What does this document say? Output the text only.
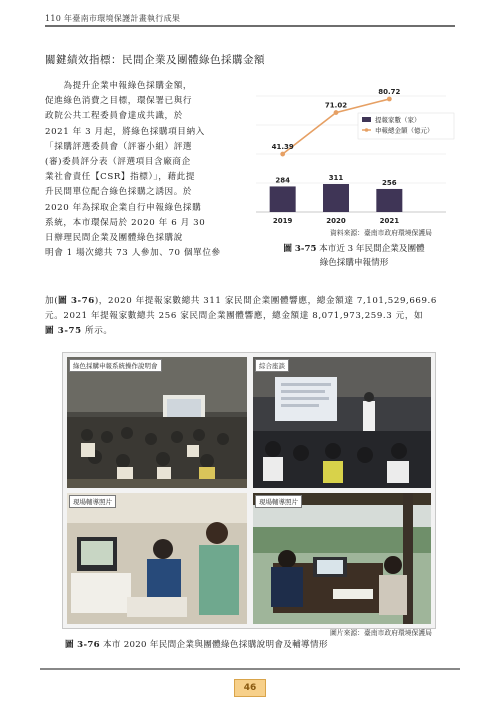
110 年臺南市環境保護計畫執行成果
關鍵績效指標：民間企業及團體綠色採購金額
　　為提升企業申報綠色採購金額，
促進綠色消費之目標，環保署已與行
政院公共工程委員會達成共識，於
2021 年 3 月起，將綠色採購項目納入
「採購評選委員會（評審小組）評選
(審)委員評分表（評選項目含廠商企
業社會責任【CSR】指標）」，藉此提
升民間單位配合綠色採購之誘因。於
2020 年為採取企業自行申報綠色採購
系統，本市環保局於 2020 年 6 月 30
日辦理民間企業及團體綠色採購說
明會 1 場次總共 73 人參加、70 個單位參
284
2019
311
2020
256
2021
41.39
71.02
80.72
提報家數（家）
申報總金額（億元）
資料來源：臺南市政府環境保護局
圖 3-75 本市近 3 年民間企業及團體
綠色採購申報情形
加(圖 3-76)，2020 年提報家數總共 311 家民間企業團體響應，總金額達 7,101,529,669.6
元。2021 年提報家數總共 256 家民間企業團體響應，總金額達 8,071,973,259.3 元，如
圖 3-75 所示。
綠色採購申報系統操作說明會	綜合座談
現場輔導照片	現場輔導照片
圖片來源：臺南市政府環境保護局
圖 3-76 本市 2020 年民間企業與團體綠色採購說明會及輔導情形
46
